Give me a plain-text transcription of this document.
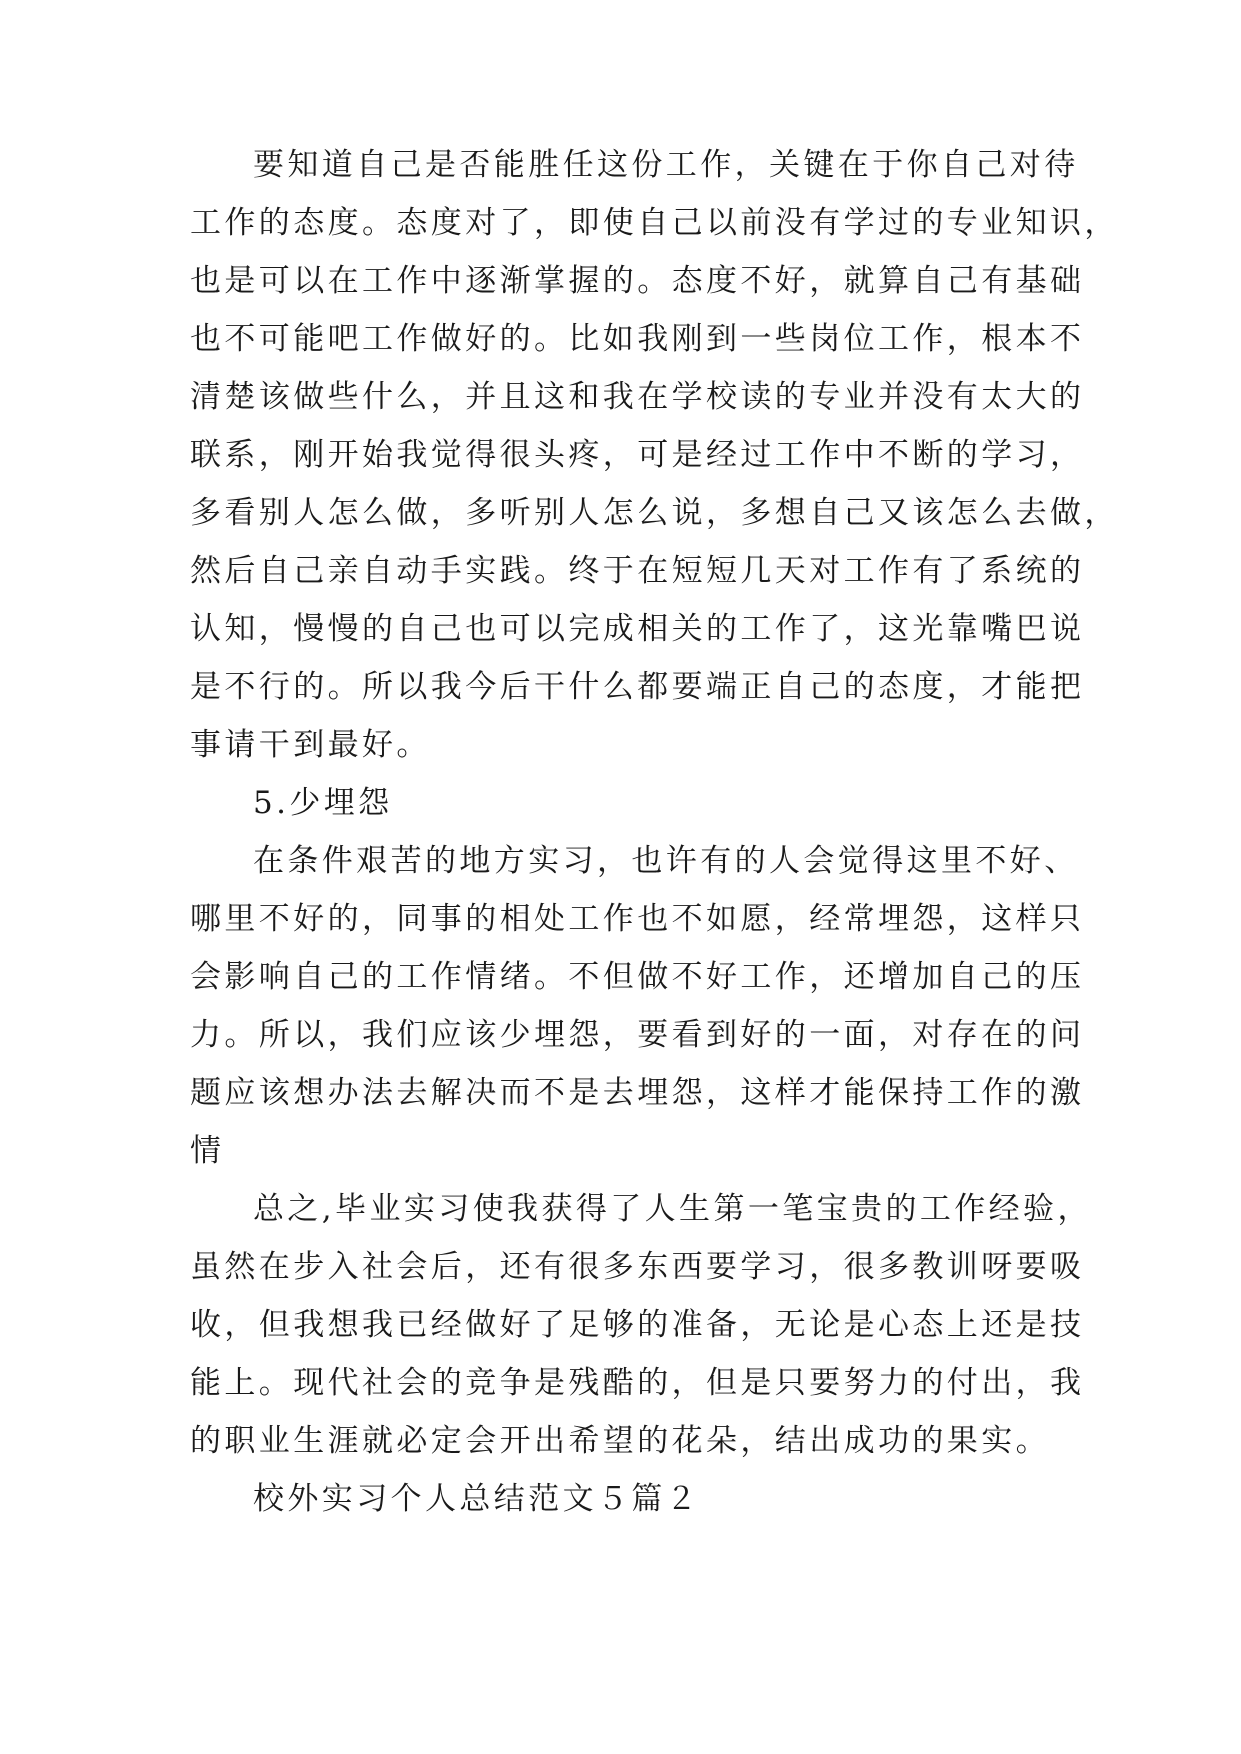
要知道自己是否能胜任这份工作，关键在于你自己对待
工作的态度。态度对了，即使自己以前没有学过的专业知识，
也是可以在工作中逐渐掌握的。态度不好，就算自己有基础
也不可能吧工作做好的。比如我刚到一些岗位工作，根本不
清楚该做些什么，并且这和我在学校读的专业并没有太大的
联系，刚开始我觉得很头疼，可是经过工作中不断的学习，
多看别人怎么做，多听别人怎么说，多想自己又该怎么去做，
然后自己亲自动手实践。终于在短短几天对工作有了系统的
认知，慢慢的自己也可以完成相关的工作了，这光靠嘴巴说
是不行的。所以我今后干什么都要端正自己的态度，才能把
事请干到最好。
5.少埋怨
在条件艰苦的地方实习，也许有的人会觉得这里不好、
哪里不好的，同事的相处工作也不如愿，经常埋怨，这样只
会影响自己的工作情绪。不但做不好工作，还增加自己的压
力。所以，我们应该少埋怨，要看到好的一面，对存在的问
题应该想办法去解决而不是去埋怨，这样才能保持工作的激
情
总之,毕业实习使我获得了人生第一笔宝贵的工作经验，
虽然在步入社会后，还有很多东西要学习，很多教训呀要吸
收，但我想我已经做好了足够的准备，无论是心态上还是技
能上。现代社会的竞争是残酷的，但是只要努力的付出，我
的职业生涯就必定会开出希望的花朵，结出成功的果实。
校外实习个人总结范文５篇２
